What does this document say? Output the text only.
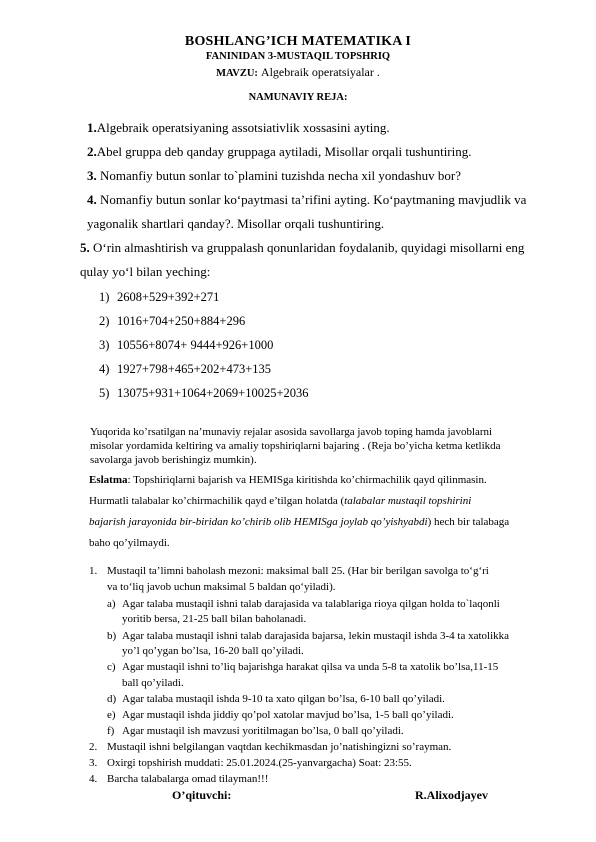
BOSHLANG’ICH MATEMATIKA I
FANINIDAN 3-MUSTAQIL TOPSHRIQ
MAVZU: Algebraik operatsiyalar .
NAMUNAVIY REJA:
1.Algebraik operatsiyaning assotsiativlik xossasini ayting.
2.Abel gruppa deb qanday gruppaga aytiladi, Misollar orqali tushuntiring.
3. Nomanfiy butun sonlar to`plamini tuzishda necha xil yondashuv bor?
4. Nomanfiy butun sonlar ko‘paytmasi ta’rifini ayting. Ko‘paytmaning mavjudlik va
yagonalik shartlari qanday?. Misollar orqali tushuntiring.
5. O‘rin almashtirish va gruppalash qonunlaridan foydalanib, quyidagi misollarni eng
qulay yo‘l bilan yeching:
1) 2608+529+392+271
2) 1016+704+250+884+296
3) 10556+8074+ 9444+926+1000
4) 1927+798+465+202+473+135
5) 13075+931+1064+2069+10025+2036
Yuqorida ko’rsatilgan na’munaviy rejalar asosida savollarga javob toping hamda javoblarni
misolar yordamida keltiring va amaliy topshiriqlarni bajaring . (Reja bo’yicha ketma ketlikda
savolarga javob berishingiz mumkin).
Eslatma: Topshiriqlarni bajarish va HEMISga kiritishda ko’chirmachilik qayd qilinmasin.
Hurmatli talabalar ko’chirmachilik qayd e’tilgan holatda (talabalar mustaqil topshirini
bajarish jarayonida bir-biridan ko’chirib olib HEMISga joylab qo’yishyabdi) hech bir talabaga
baho qo’yilmaydi.
1. Mustaqil ta’limni baholash mezoni: maksimal ball 25. (Har bir berilgan savolga to‘g‘ri
va to‘liq javob uchun maksimal 5 baldan qo‘yiladi).
a) Agar talaba mustaqil ishni talab darajasida va talablariga rioya qilgan holda to`laqonli
yoritib bersa, 21-25 ball bilan baholanadi.
b) Agar talaba mustaqil ishni talab darajasida bajarsa, lekin mustaqil ishda 3-4 ta xatolikka
yo’l qo’ygan bo’lsa, 16-20 ball qo’yiladi.
c) Agar mustaqil ishni to’liq bajarishga harakat qilsa va unda 5-8 ta xatolik bo’lsa,11-15
ball qo’yiladi.
d) Agar talaba mustaqil ishda 9-10 ta xato qilgan bo’lsa, 6-10 ball qo’yiladi.
e) Agar mustaqil ishda jiddiy qo’pol xatolar mavjud bo’lsa, 1-5 ball qo’yiladi.
f) Agar mustaqil ish mavzusi yoritilmagan bo’lsa, 0 ball qo’yiladi.
2. Mustaqil ishni belgilangan vaqtdan kechikmasdan jo’natishingizni so’rayman.
3. Oxirgi topshirish muddati: 25.01.2024.(25-yanvargacha) Soat: 23:55.
4. Barcha talabalarga omad tilayman!!!
O’qituvchi:	R.Alixodjayev
